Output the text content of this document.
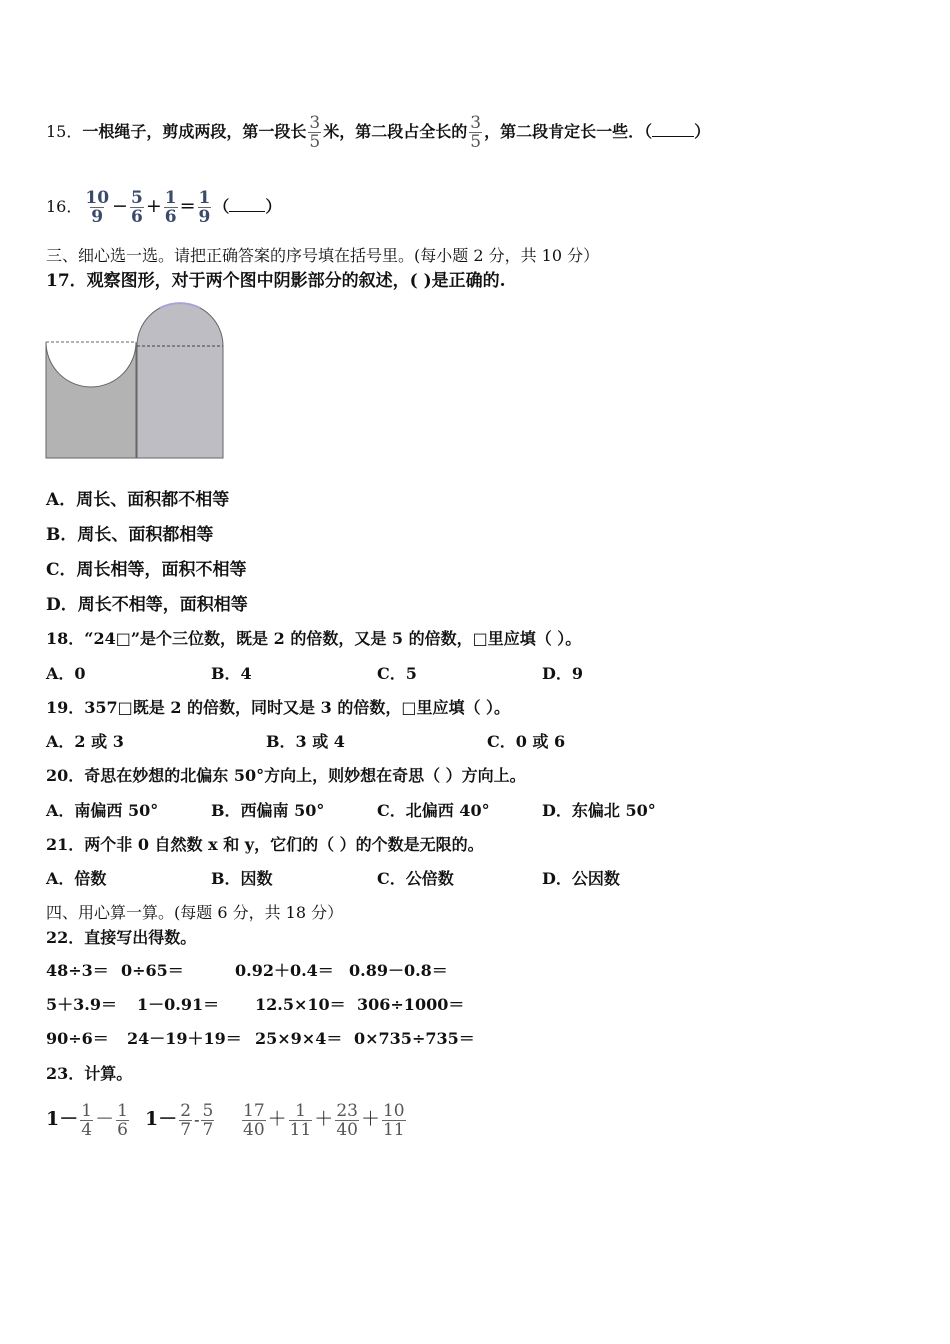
15．一根绳子，剪成两段，第一段长 $\frac{3}{5}$ 米，第二段占全长的 $\frac{3}{5}$ ，第二段肯定长一些．（	）
16． $\frac{10}{9} - \frac{5}{6} + \frac{1}{6} = \frac{1}{9}$ （ ）
三、细心选一选。请把正确答案的序号填在括号里。(每小题 2 分，共 10 分）
17．观察图形，对于两个图中阴影部分的叙述，( )是正确的.
A．周长、面积都不相等
B．周长、面积都相等
C．周长相等，面积不相等
D．周长不相等，面积相等
18．“24□”是个三位数，既是 2 的倍数，又是 5 的倍数，□里应填（ ）。
A．0	B．4	C．5	D．9
19．357□既是 2 的倍数，同时又是 3 的倍数，□里应填（ ）。
A．2 或 3	B．3 或 4	C．0 或 6
20．奇思在妙想的北偏东 50°方向上，则妙想在奇思（ ）方向上。
A．南偏西 50°	B．西偏南 50°	C．北偏西 40°	D．东偏北 50°
21．两个非 0 自然数 x 和 y，它们的（ ）的个数是无限的。
A．倍数	B．因数	C．公倍数	D．公因数
四、用心算一算。(每题 6 分，共 18 分）
22．直接写出得数。
48÷3＝ 0÷65＝	0.92＋0.4＝ 0.89－0.8＝
5＋3.9＝ 1－0.91＝ 12.5×10＝ 306÷1000＝
90÷6＝ 24－19＋19＝ 25×9×4＝ 0×735÷735＝
23．计算。
$1- \frac{1}{4} - \frac{1}{6} 1- \frac{2}{7} - \frac{5}{7} \frac{17}{40} + \frac{1}{11} + \frac{23}{40} + \frac{10}{11}$
